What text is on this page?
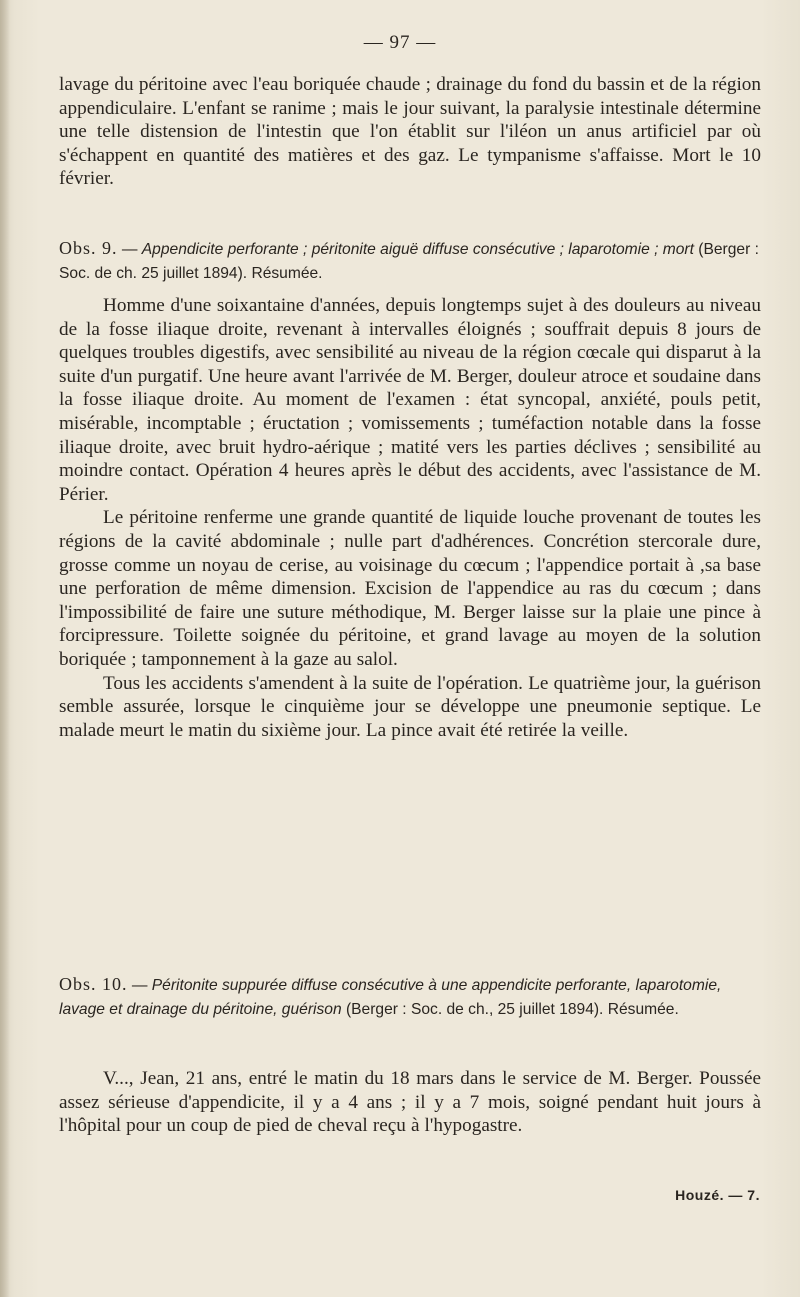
— 97 —

lavage du péritoine avec l'eau boriquée chaude ; drainage du fond du bassin et de la région appendiculaire. L'enfant se ranime ; mais le jour suivant, la paralysie intestinale détermine une telle distension de l'intestin que l'on établit sur l'iléon un anus artificiel par où s'échappent en quantité des matières et des gaz. Le tympanisme s'affaisse. Mort le 10 février.

Obs. 9. — Appendicite perforante ; péritonite aiguë diffuse consécutive ; laparotomie ; mort (Berger : Soc. de ch. 25 juillet 1894). Résumée.

Homme d'une soixantaine d'années, depuis longtemps sujet à des douleurs au niveau de la fosse iliaque droite, revenant à intervalles éloignés ; souffrait depuis 8 jours de quelques troubles digestifs, avec sensibilité au niveau de la région cœcale qui disparut à la suite d'un purgatif. Une heure avant l'arrivée de M. Berger, douleur atroce et soudaine dans la fosse iliaque droite. Au moment de l'examen : état syncopal, anxiété, pouls petit, misérable, incomptable ; éructation ; vomissements ; tuméfaction notable dans la fosse iliaque droite, avec bruit hydro-aérique ; matité vers les parties déclives ; sensibilité au moindre contact. Opération 4 heures après le début des accidents, avec l'assistance de M. Périer.

Le péritoine renferme une grande quantité de liquide louche provenant de toutes les régions de la cavité abdominale ; nulle part d'adhérences. Concrétion stercorale dure, grosse comme un noyau de cerise, au voisinage du cœcum ; l'appendice portait à ,sa base une perforation de même dimension. Excision de l'appendice au ras du cœcum ; dans l'impossibilité de faire une suture méthodique, M. Berger laisse sur la plaie une pince à forcipressure. Toilette soignée du péritoine, et grand lavage au moyen de la solution boriquée ; tamponnement à la gaze au salol.

Tous les accidents s'amendent à la suite de l'opération. Le quatrième jour, la guérison semble assurée, lorsque le cinquième jour se développe une pneumonie septique. Le malade meurt le matin du sixième jour. La pince avait été retirée la veille.

Obs. 10. — Péritonite suppurée diffuse consécutive à une appendicite perforante, laparotomie, lavage et drainage du péritoine, guérison (Berger : Soc. de ch., 25 juillet 1894). Résumée.

V..., Jean, 21 ans, entré le matin du 18 mars dans le service de M. Berger. Poussée assez sérieuse d'appendicite, il y a 4 ans ; il y a 7 mois, soigné pendant huit jours à l'hôpital pour un coup de pied de cheval reçu à l'hypogastre.

Houzé. — 7.
